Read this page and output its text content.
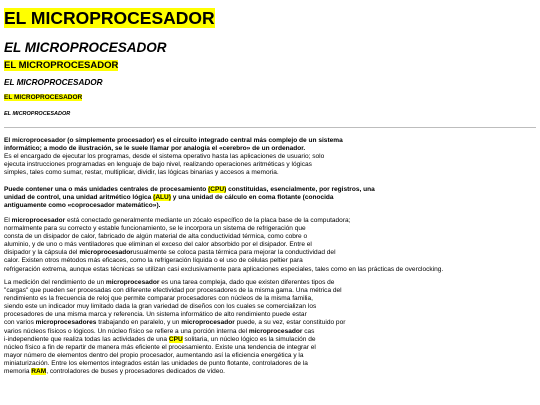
EL MICROPROCESADOR
EL MICROPROCESADOR
EL MICROPROCESADOR
EL MICROPROCESADOR
EL MICROPROCESADOR
EL MICROPROCESADOR
El microprocesador (o simplemente procesador) es el circuito integrado central más complejo de un sistema
informático; a modo de ilustración, se le suele llamar por analogía el «cerebro» de un ordenador.
Es el encargado de ejecutar los programas, desde el sistema operativo hasta las aplicaciones de usuario; solo
ejecuta instrucciones programadas en lenguaje de bajo nivel, realizando operaciones aritméticas y lógicas
simples, tales como sumar, restar, multiplicar, dividir, las lógicas binarias y accesos a memoria.
Puede contener una o más unidades centrales de procesamiento (CPU) constituidas, esencialmente, por registros, una
unidad de control, una unidad aritmético lógica (ALU) y una unidad de cálculo en coma flotante (conocida
antiguamente como «coprocesador matemático»).
El microprocesador está conectado generalmente mediante un zócalo específico de la placa base de la computadora;
normalmente para su correcto y estable funcionamiento, se le incorpora un sistema de refrigeración que
consta de un disipador de calor, fabricado de algún material de alta conductividad térmica, como cobre o
aluminio, y de uno o más ventiladores que eliminan el exceso del calor absorbido por el disipador. Entre el
disipador y la cápsula del microprocesadorusualmente se coloca pasta térmica para mejorar la conductividad del
calor. Existen otros métodos más eficaces, como la refrigeración líquida o el uso de células peltier para
refrigeración extrema, aunque estas técnicas se utilizan casi exclusivamente para aplicaciones especiales, tales como en las prácticas de overclocking.
La medición del rendimiento de un microprocesador es una tarea compleja, dado que existen diferentes tipos de
"cargas" que pueden ser procesadas con diferente efectividad por procesadores de la misma gama. Una métrica del
rendimiento es la frecuencia de reloj que permite comparar procesadores con núcleos de la misma familia,
siendo este un indicador muy limitado dada la gran variedad de diseños con los cuales se comercializan los
procesadores de una misma marca y referencia. Un sistema informático de alto rendimiento puede estar
con varios microprocesadores trabajando en paralelo, y un microprocesador puede, a su vez, estar constituido por
varios núcleos físicos o lógicos. Un núcleo físico se refiere a una porción interna del microprocesador cas
i-independiente que realiza todas las actividades de una CPU solitaria, un núcleo lógico es la simulación de
núcleo físico a fin de repartir de manera más eficiente el procesamiento. Existe una tendencia de integrar el
mayor número de elementos dentro del propio procesador, aumentando así la eficiencia energética y la
miniaturización. Entre los elementos integrados están las unidades de punto flotante, controladores de la
memoria RAM, controladores de buses y procesadores dedicados de vídeo.
